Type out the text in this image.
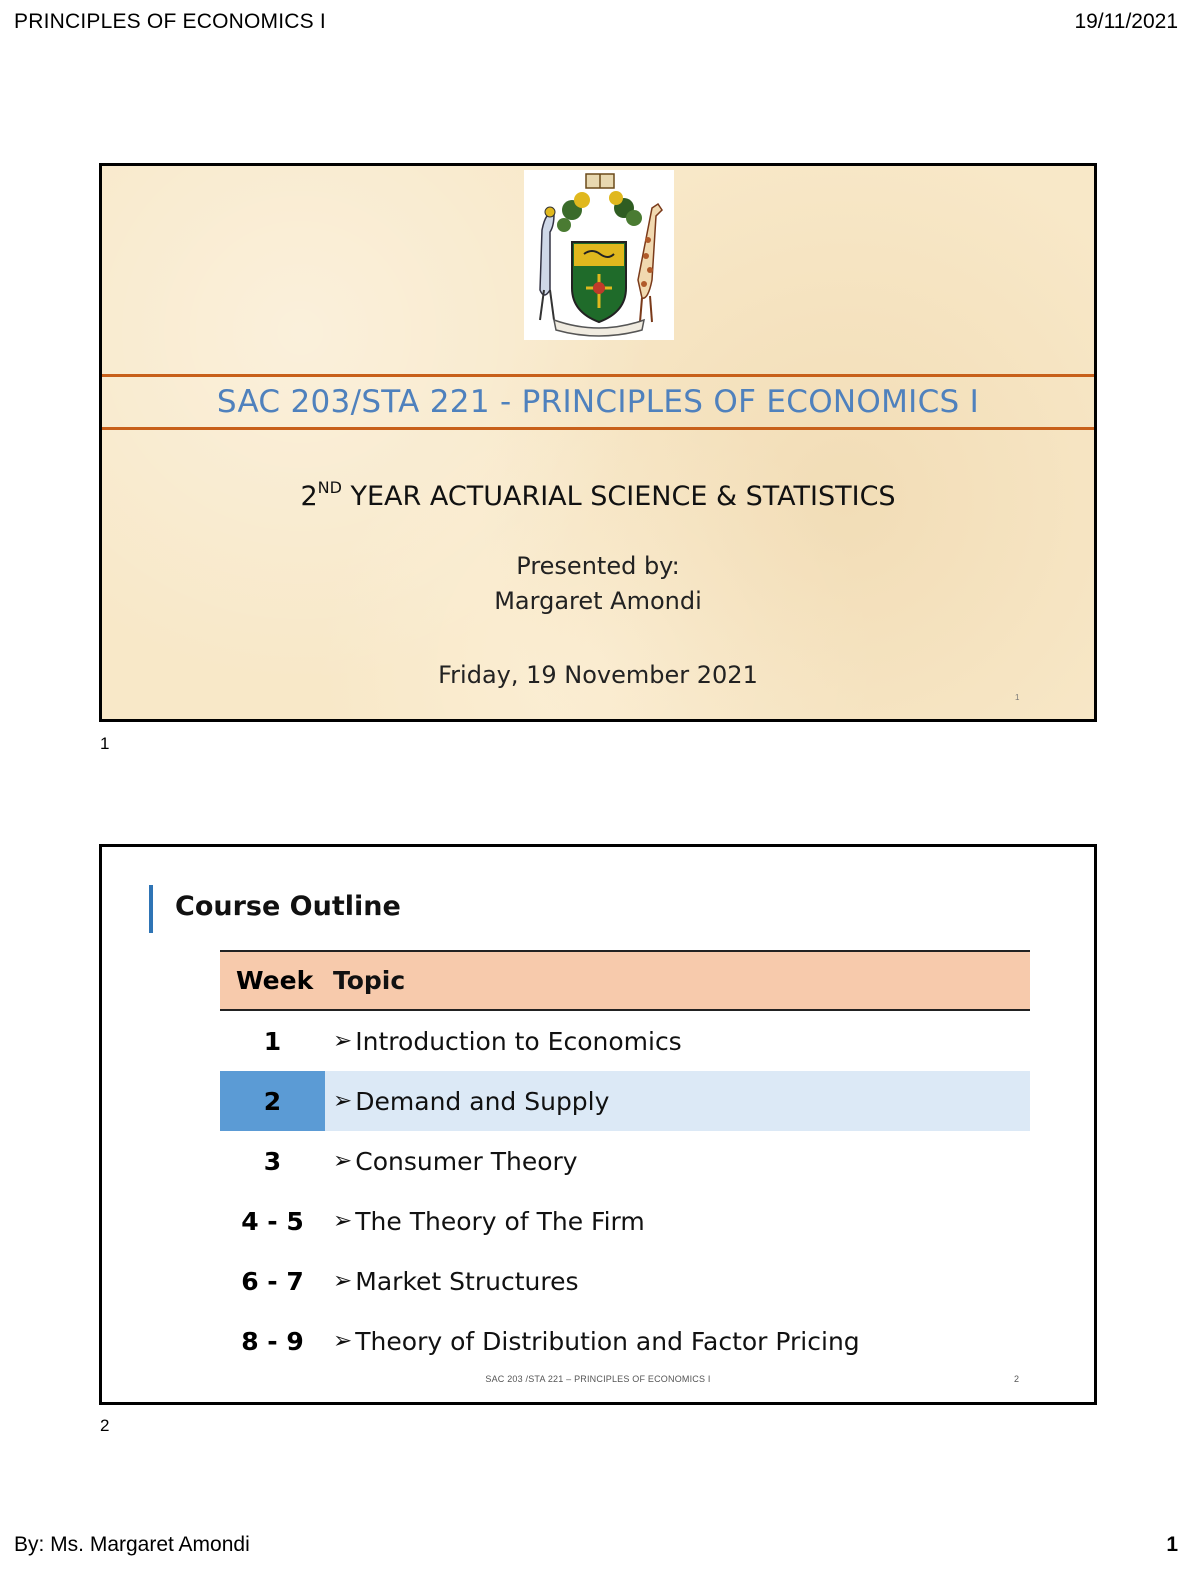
PRINCIPLES OF ECONOMICS I	19/11/2021
SAC 203/STA 221 - PRINCIPLES OF ECONOMICS I
2ND YEAR ACTUARIAL SCIENCE & STATISTICS
Presented by:
Margaret Amondi
Friday, 19 November 2021
1
1
Course Outline
Week Topic
1	➢ Introduction to Economics
2	➢ Demand and Supply
3	➢ Consumer Theory
4 - 5	➢ The Theory of The Firm
6 - 7	➢ Market Structures
8 - 9	➢ Theory of Distribution and Factor Pricing
SAC 203 /STA 221 – PRINCIPLES OF ECONOMICS I	2
2
By: Ms. Margaret Amondi	1
